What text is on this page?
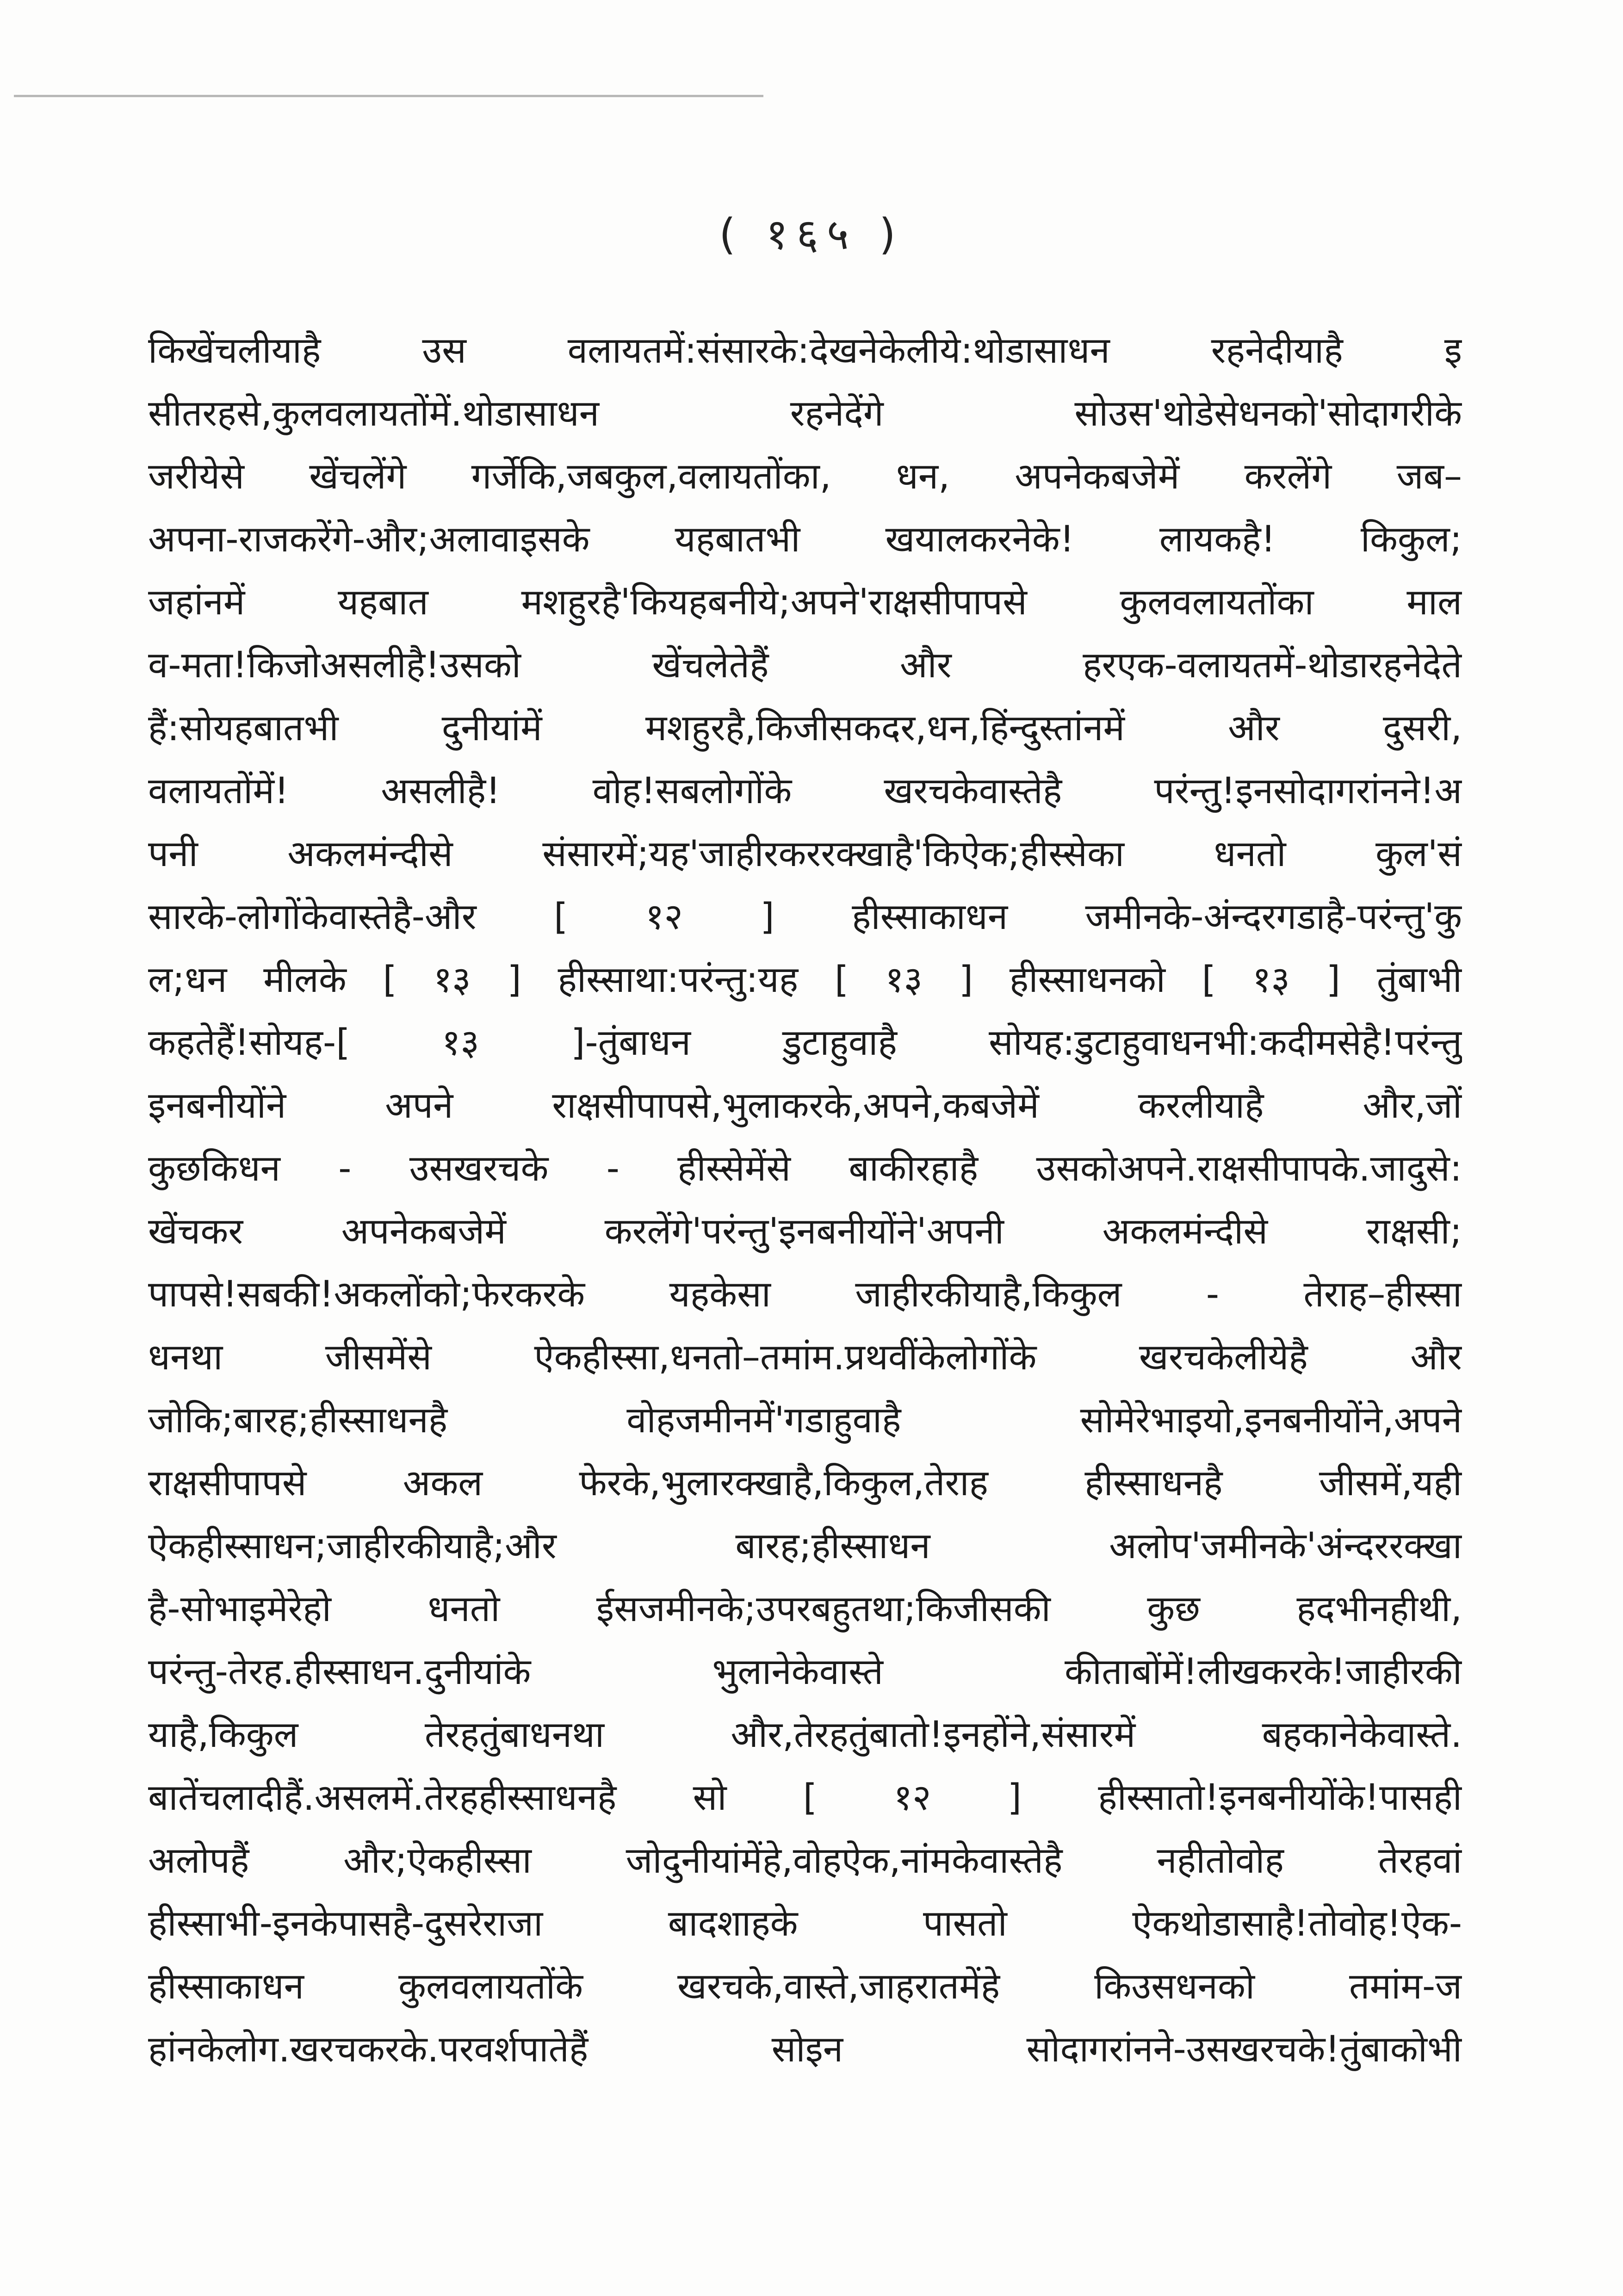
( १६५ )
किखेंचलीयाहै उस वलायतमें:संसारके:देखनेकेलीये:थोडासाधन रहनेदीयाहै इ
सीतरहसे,कुलवलायतोंमें.थोडासाधन रहनेदेंगे सोउस'थोडेसेधनको'सोदागरीके
जरीयेसे खेंचलेंगे गर्जेकि,जबकुल,वलायतोंका, धन, अपनेकबजेमें करलेंगे जब–
अपना-राजकरेंगे-और;अलावाइसके यहबातभी खयालकरनेके! लायकहै! किकुल;
जहांनमें यहबात मशहुरहै'कियहबनीये;अपने'राक्षसीपापसे कुलवलायतोंका माल
व-मता!किजोअसलीहै!उसको खेंचलेतेहैं और हरएक-वलायतमें-थोडारहनेदेते
हैं:सोयहबातभी दुनीयांमें मशहुरहै,किजीसकदर,धन,हिंन्दुस्तांनमें और दुसरी,
वलायतोंमें! असलीहै! वोह!सबलोगोंके खरचकेवास्तेहै परंन्तु!इनसोदागरांनने!अ
पनी अकलमंन्दीसे संसारमें;यह'जाहीरकररक्खाहै'किऐक;हीस्सेका धनतो कुल'सं
सारके-लोगोंकेवास्तेहै-और [ १२ ] हीस्साकाधन जमीनके-अंन्दरगडाहै-परंन्तु'कु
ल;धन मीलके [ १३ ] हीस्साथा:परंन्तु:यह [ १३ ] हीस्साधनको [ १३ ] तुंबाभी
कहतेहैं!सोयह-[ १३ ]-तुंबाधन डुटाहुवाहै सोयह:डुटाहुवाधनभी:कदीमसेहै!परंन्तु
इनबनीयोंने अपने राक्षसीपापसे,भुलाकरके,अपने,कबजेमें करलीयाहै और,जों
कुछकिधन - उसखरचके - हीस्सेमेंसे बाकीरहाहै उसकोअपने.राक्षसीपापके.जादुसे:
खेंचकर अपनेकबजेमें करलेंगे'परंन्तु'इनबनीयोंने'अपनी अकलमंन्दीसे राक्षसी;
पापसे!सबकी!अकलोंको;फेरकरके यहकेसा जाहीरकीयाहै,किकुल - तेराह–हीस्सा
धनथा जीसमेंसे ऐकहीस्सा,धनतो–तमांम.प्रथवींकेलोगोंके खरचकेलीयेहै और
जोकि;बारह;हीस्साधनहै वोहजमीनमें'गडाहुवाहै सोमेरेभाइयो,इनबनीयोंने,अपने
राक्षसीपापसे अकल फेरके,भुलारक्खाहै,किकुल,तेराह हीस्साधनहै जीसमें,यही
ऐकहीस्साधन;जाहीरकीयाहै;और बारह;हीस्साधन अलोप'जमीनके'अंन्दररक्खा
है-सोभाइमेरेहो धनतो ईसजमीनके;उपरबहुतथा;किजीसकी कुछ हदभीनहीथी,
परंन्तु-तेरह.हीस्साधन.दुनीयांके भुलानेकेवास्ते कीताबोंमें!लीखकरके!जाहीरकी
याहै,किकुल तेरहतुंबाधनथा और,तेरहतुंबातो!इनहोंने,संसारमें बहकानेकेवास्ते.
बातेंचलादीहैं.असलमें.तेरहहीस्साधनहै सो [ १२ ] हीस्सातो!इनबनीयोंके!पासही
अलोपहैं और;ऐकहीस्सा जोदुनीयांमेंहे,वोहऐक,नांमकेवास्तेहै नहीतोवोह तेरहवां
हीस्साभी-इनकेपासहै-दुसरेराजा बादशाहके पासतो ऐकथोडासाहै!तोवोह!ऐक-
हीस्साकाधन कुलवलायतोंके खरचके,वास्ते,जाहरातमेंहे किउसधनको तमांम-ज
हांनकेलोग.खरचकरके.परवर्शपातेहैं सोइन सोदागरांनने-उसखरचके!तुंबाकोभी
